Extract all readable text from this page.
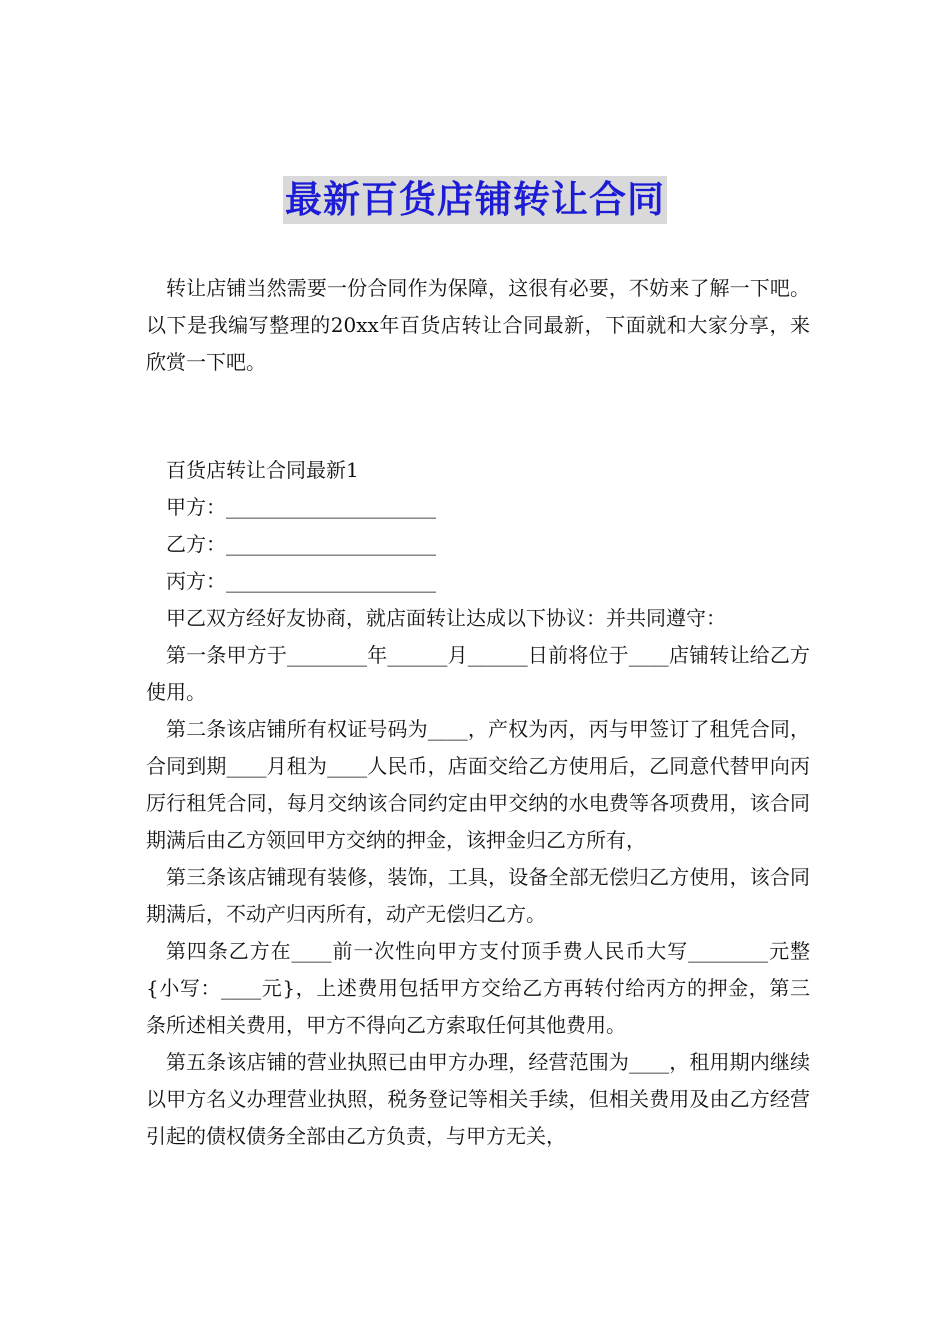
最新百货店铺转让合同

转让店铺当然需要一份合同作为保障，这很有必要，不妨来了解一下吧。以下是我编写整理的20xx年百货店转让合同最新，下面就和大家分享，来欣赏一下吧。

百货店转让合同最新1

甲方：_____________________

乙方：_____________________

丙方：_____________________

甲乙双方经好友协商，就店面转让达成以下协议：并共同遵守：

第一条甲方于________年______月______日前将位于____店铺转让给乙方使用。

第二条该店铺所有权证号码为____，产权为丙，丙与甲签订了租凭合同，合同到期____月租为____人民币，店面交给乙方使用后，乙同意代替甲向丙厉行租凭合同，每月交纳该合同约定由甲交纳的水电费等各项费用，该合同期满后由乙方领回甲方交纳的押金，该押金归乙方所有，

第三条该店铺现有装修，装饰，工具，设备全部无偿归乙方使用，该合同期满后，不动产归丙所有，动产无偿归乙方。

第四条乙方在____前一次性向甲方支付顶手费人民币大写________元整{小写：____元}，上述费用包括甲方交给乙方再转付给丙方的押金，第三条所述相关费用，甲方不得向乙方索取任何其他费用。

第五条该店铺的营业执照已由甲方办理，经营范围为____，租用期内继续以甲方名义办理营业执照，税务登记等相关手续，但相关费用及由乙方经营引起的债权债务全部由乙方负责，与甲方无关，
